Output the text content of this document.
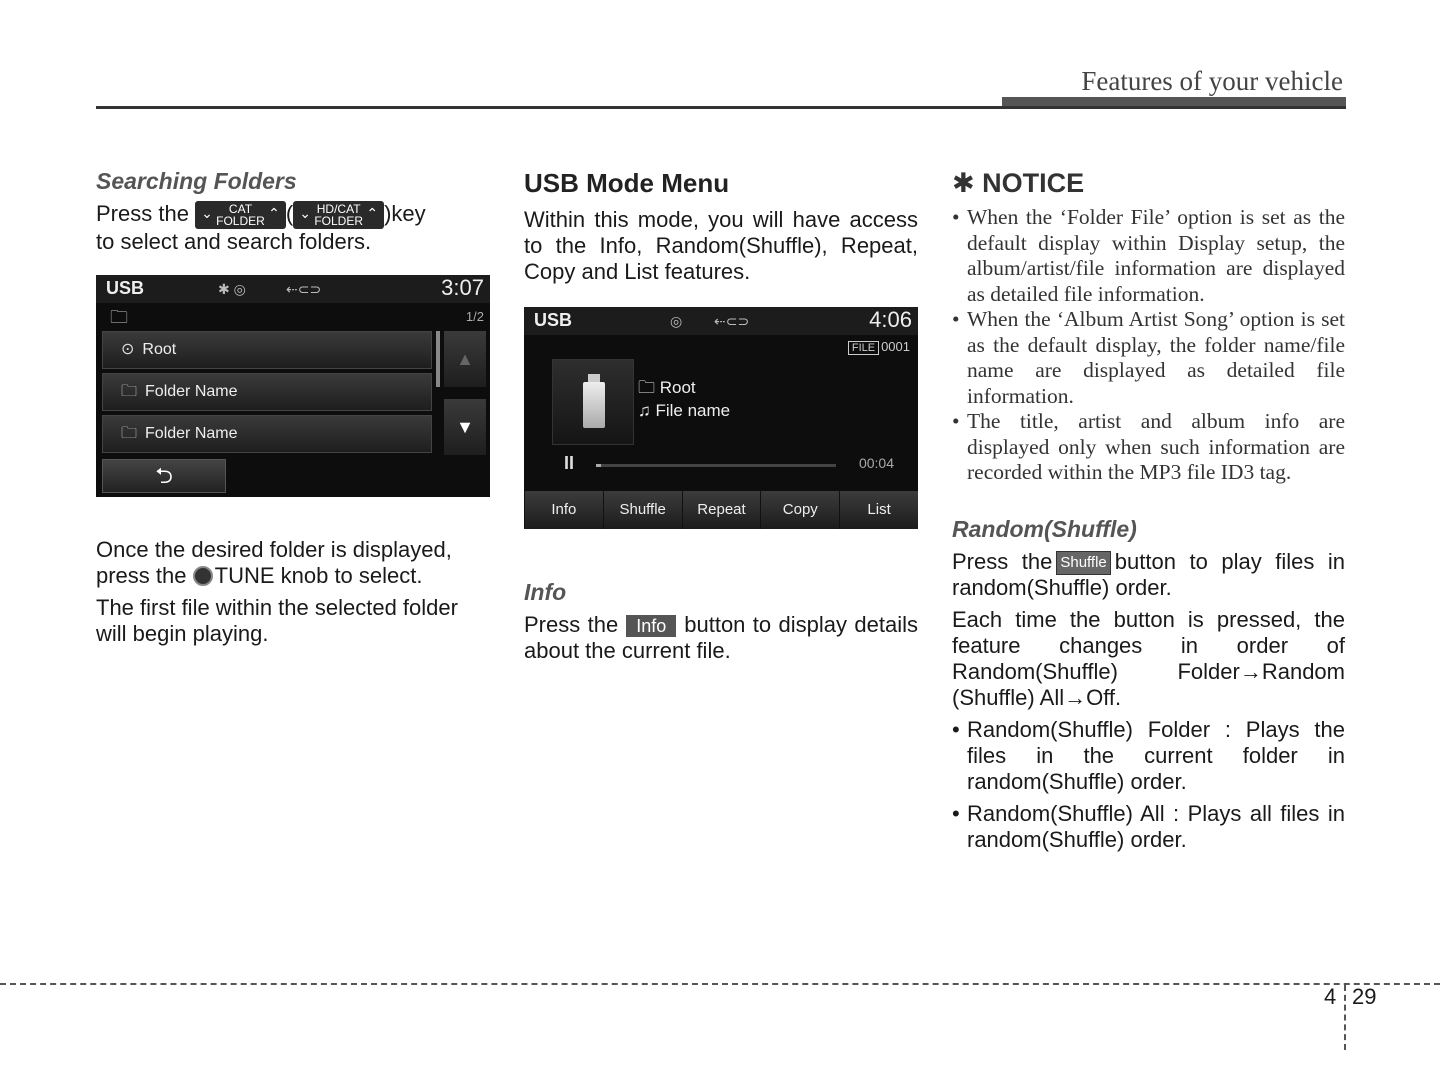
Features of your vehicle
Searching Folders

Press the ⌄ CAT
FOLDER ⌃ ( ⌄ HD/CAT
FOLDER ⌃ )key
to select and search folders.

USB	✱ ◎	⇠⊂⊃	3:07
🗀	1/2
⊙ Root
🗀 Folder Name
🗀 Folder Name
▲
▼
⮌

Once the desired folder is displayed, press the TUNE knob to select.

The first file within the selected folder will begin playing.

USB Mode Menu

Within this mode, you will have access to the Info, Random(Shuffle), Repeat, Copy and List features.

USB	◎ ⇠⊂⊃	4:06
FILE 0001
🗀 Root
♫ File name
II	00:04
Info	Shuffle	Repeat	Copy	List
Info

Press the Info button to display details about the current file.

✱ NOTICE
• When the ‘Folder File’ option is set as the default display within Display setup, the album/artist/file information are displayed as detailed file information.
• When the ‘Album Artist Song’ option is set as the default display, the folder name/file name are displayed as detailed file information.
• The title, artist and album info are displayed only when such information are recorded within the MP3 file ID3 tag.
Random(Shuffle)

Press the Shuffle button to play files in random(Shuffle) order.

Each time the button is pressed, the feature changes in order of Random(Shuffle) Folder→Random (Shuffle) All→Off.

• Random(Shuffle) Folder : Plays the files in the current folder in random(Shuffle) order.
• Random(Shuffle) All : Plays all files in random(Shuffle) order.
4 29
